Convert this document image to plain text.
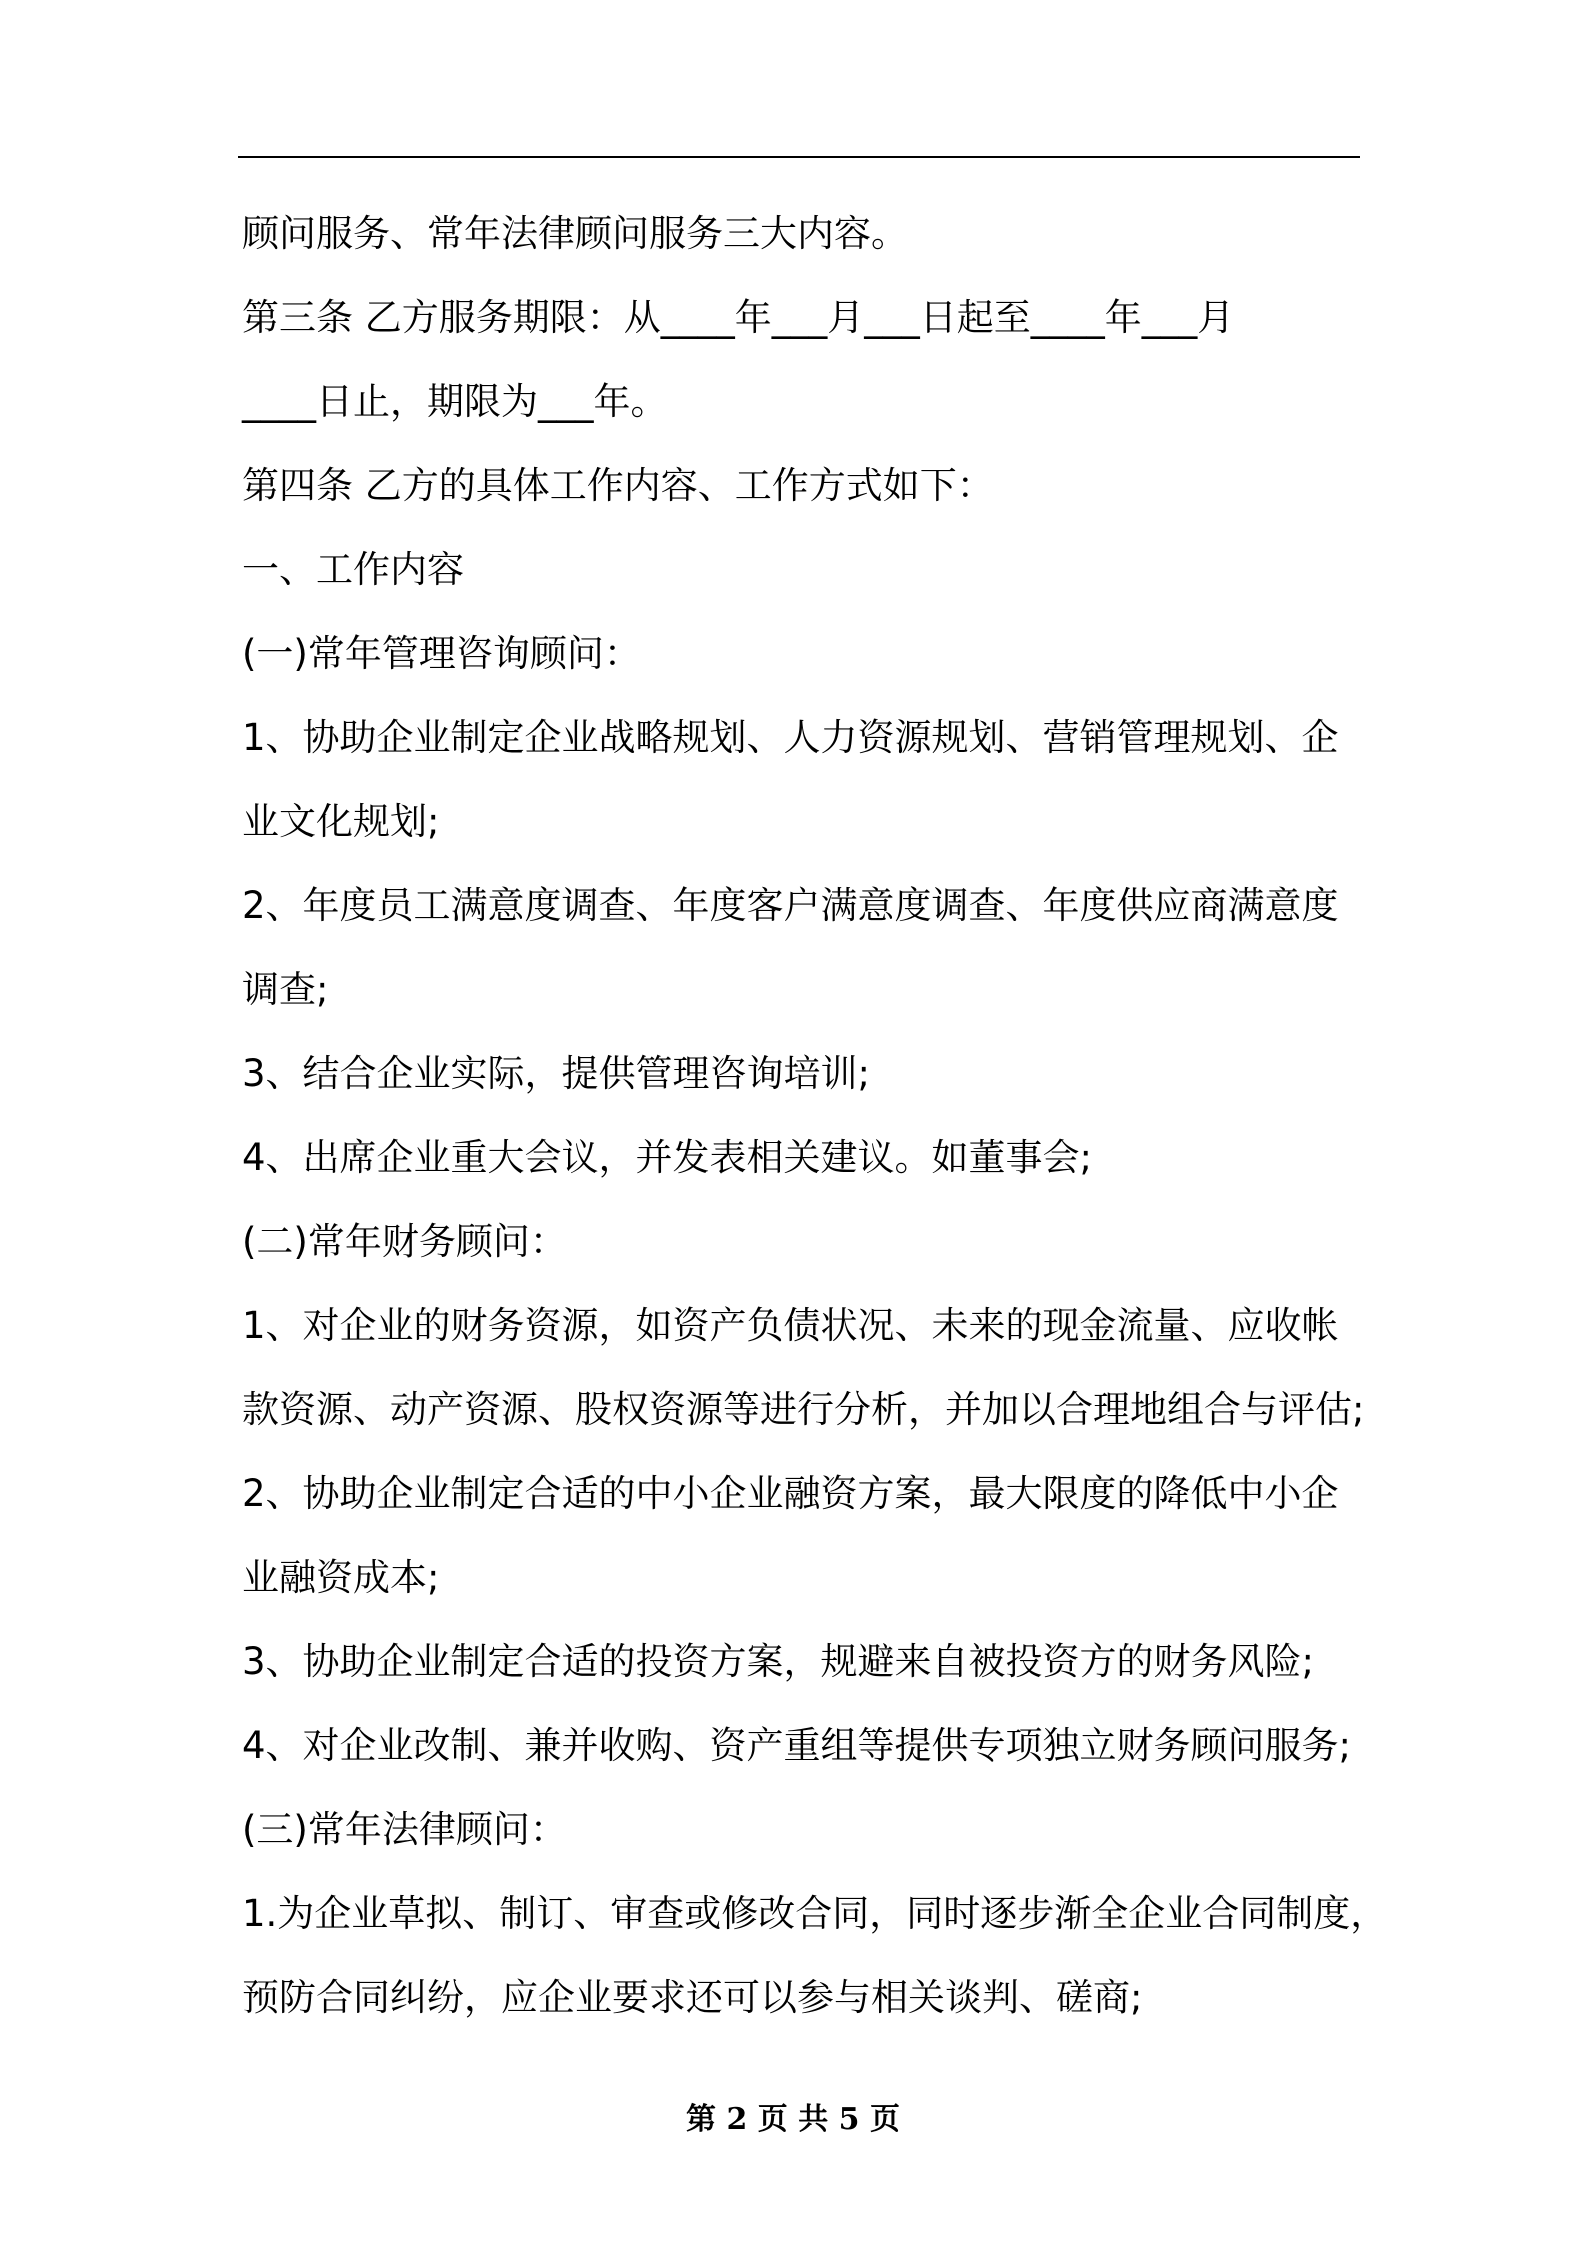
顾问服务、常年法律顾问服务三大内容。
第三条 乙方服务期限：从____年___月___日起至____年___月
____日止，期限为___年。
第四条 乙方的具体工作内容、工作方式如下：
一、工作内容
(一)常年管理咨询顾问：
1、协助企业制定企业战略规划、人力资源规划、营销管理规划、企
业文化规划;
2、年度员工满意度调查、年度客户满意度调查、年度供应商满意度
调查;
3、结合企业实际，提供管理咨询培训;
4、出席企业重大会议，并发表相关建议。如董事会;
(二)常年财务顾问：
1、对企业的财务资源，如资产负债状况、未来的现金流量、应收帐
款资源、动产资源、股权资源等进行分析，并加以合理地组合与评估;
2、协助企业制定合适的中小企业融资方案，最大限度的降低中小企
业融资成本;
3、协助企业制定合适的投资方案，规避来自被投资方的财务风险;
4、对企业改制、兼并收购、资产重组等提供专项独立财务顾问服务;
(三)常年法律顾问：
1.为企业草拟、制订、审查或修改合同，同时逐步渐全企业合同制度，
预防合同纠纷，应企业要求还可以参与相关谈判、磋商;
第 2 页 共 5 页
